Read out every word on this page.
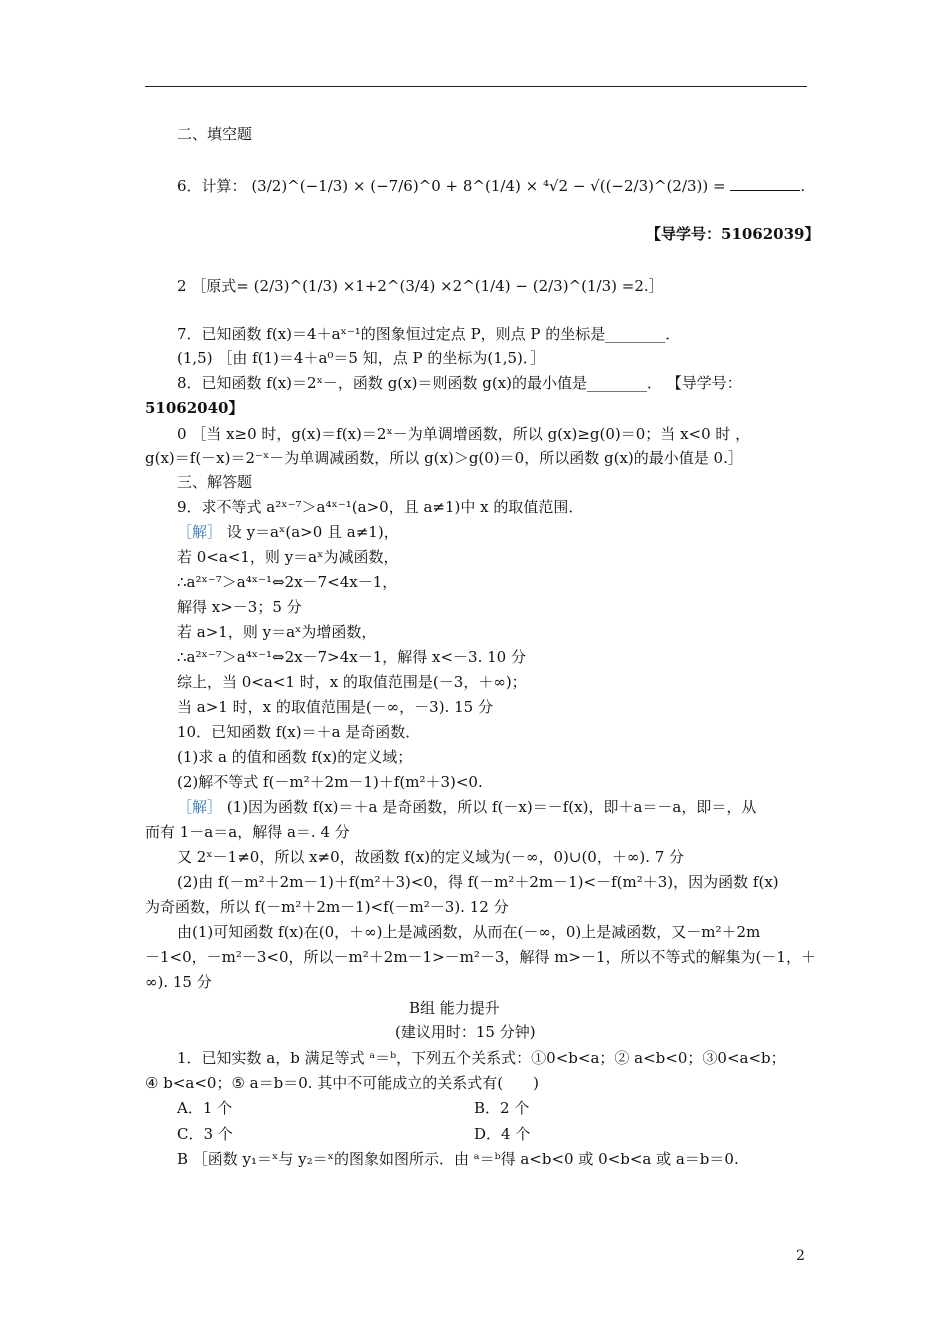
二、填空题
6．计算： (3/2)^(−1/3) × (−7/6)^0 + 8^(1/4) × ⁴√2 − √((−2/3)^(2/3)) =	.
【导学号：51062039】
2 ［原式= (2/3)^(1/3) ×1+2^(3/4) ×2^(1/4) − (2/3)^(1/3) =2.］
7．已知函数 f(x)＝4＋aˣ⁻¹的图象恒过定点 P，则点 P 的坐标是________．
(1,5) ［由 f(1)＝4＋a⁰＝5 知，点 P 的坐标为(1,5)．］
8．已知函数 f(x)＝2ˣ－，函数 g(x)＝则函数 g(x)的最小值是________． 【导学号：
51062040】
0 ［当 x≥0 时，g(x)＝f(x)＝2ˣ－为单调增函数，所以 g(x)≥g(0)＝0；当 x<0 时 ，
g(x)＝f(－x)＝2⁻ˣ－为单调减函数，所以 g(x)＞g(0)＝0，所以函数 g(x)的最小值是 0.］
三、解答题
9．求不等式 a²ˣ⁻⁷＞a⁴ˣ⁻¹(a>0，且 a≠1)中 x 的取值范围．
［解］ 设 y＝aˣ(a>0 且 a≠1)，
若 0<a<1，则 y＝aˣ为减函数，
∴a²ˣ⁻⁷＞a⁴ˣ⁻¹⇔2x－7<4x－1，
解得 x>－3；5 分
若 a>1，则 y＝aˣ为增函数，
∴a²ˣ⁻⁷＞a⁴ˣ⁻¹⇔2x－7>4x－1，解得 x<－3. 10 分
综上，当 0<a<1 时，x 的取值范围是(－3，＋∞)；
当 a>1 时，x 的取值范围是(－∞，－3). 15 分
10．已知函数 f(x)＝＋a 是奇函数．
(1)求 a 的值和函数 f(x)的定义域；
(2)解不等式 f(－m²＋2m－1)＋f(m²＋3)<0.
［解］ (1)因为函数 f(x)＝＋a 是奇函数，所以 f(－x)＝－f(x)，即＋a＝－a，即＝，从
而有 1－a＝a，解得 a＝. 4 分
又 2ˣ－1≠0，所以 x≠0，故函数 f(x)的定义域为(－∞，0)∪(0，＋∞). 7 分
(2)由 f(－m²＋2m－1)＋f(m²＋3)<0，得 f(－m²＋2m－1)<－f(m²＋3)，因为函数 f(x)
为奇函数，所以 f(－m²＋2m－1)<f(－m²－3). 12 分
由(1)可知函数 f(x)在(0，＋∞)上是减函数，从而在(－∞，0)上是减函数，又－m²＋2m
－1<0，－m²－3<0，所以－m²＋2m－1>－m²－3，解得 m>－1，所以不等式的解集为(－1，＋
∞). 15 分
B组 能力提升
(建议用时：15 分钟)
1．已知实数 a，b 满足等式 ᵃ＝ᵇ，下列五个关系式：①0<b<a；② a<b<0；③0<a<b；
④ b<a<0；⑤ a＝b＝0. 其中不可能成立的关系式有(　　)
A．1 个	B．2 个
C．3 个	D．4 个
B ［函数 y₁＝ˣ与 y₂＝ˣ的图象如图所示．由 ᵃ＝ᵇ得 a<b<0 或 0<b<a 或 a＝b＝0.
2
